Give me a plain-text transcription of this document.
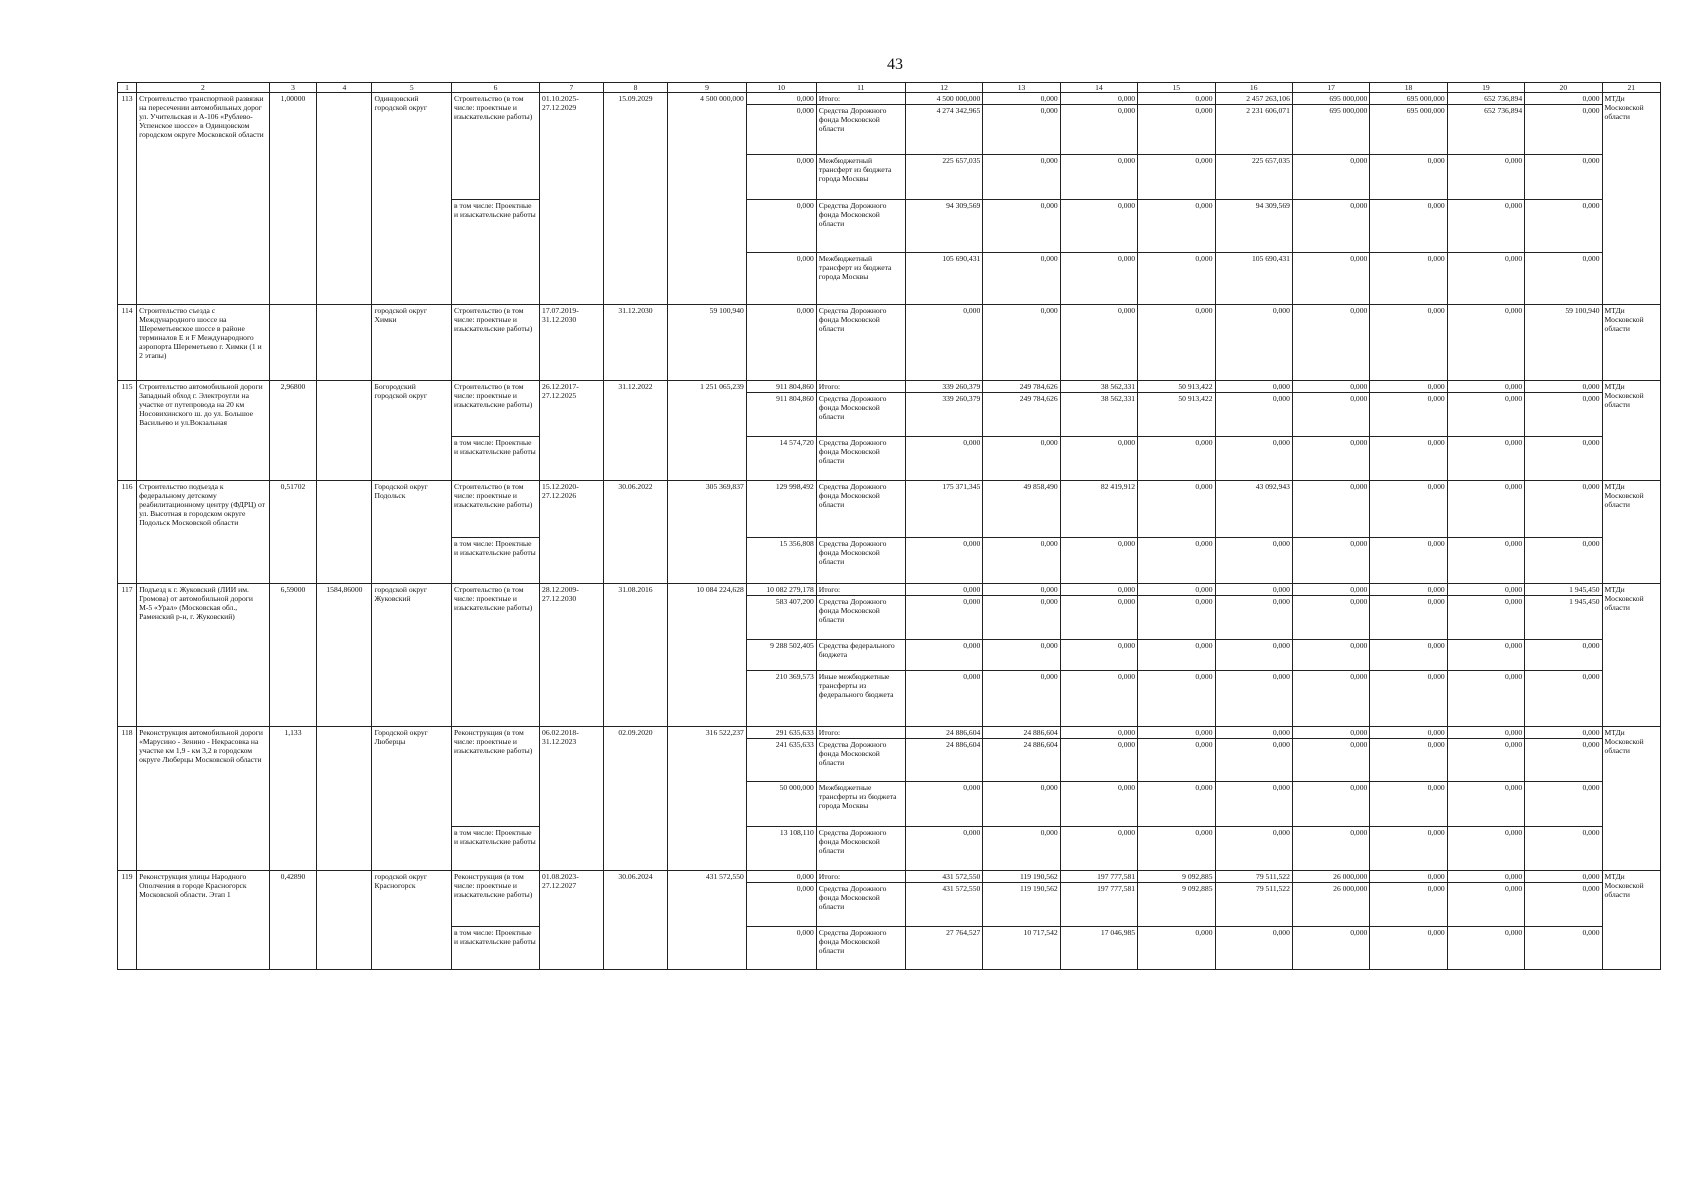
43
1	2	3	4	5	6	7	8	9	10	11	12	13	14	15	16	17	18	19	20	21
113	Строительство транспортной развязки на пересечении автомобильных дорог ул. Учительская и А-106 «Рублево-Успенское шоссе» в Одинцовском городском округе Московской области	1,00000		Одинцовский городской округ	Строительство (в том числе: проектные и изыскательские работы)	01.10.2025-27.12.2029	15.09.2029	4 500 000,000	0,000	Итого:	4 500 000,000	0,000	0,000	0,000	2 457 263,106	695 000,000	695 000,000	652 736,894	0,000	МТДи Московской области
									0,000	Средства Дорожного фонда Московской области	4 274 342,965	0,000	0,000	0,000	2 231 606,071	695 000,000	695 000,000	652 736,894	0,000	
									0,000	Межбюджетный трансферт из бюджета города Москвы	225 657,035	0,000	0,000	0,000	225 657,035	0,000	0,000	0,000	0,000	
					в том числе: Проектные и изыскательские работы				0,000	Средства Дорожного фонда Московской области	94 309,569	0,000	0,000	0,000	94 309,569	0,000	0,000	0,000	0,000	
									0,000	Межбюджетный трансферт из бюджета города Москвы	105 690,431	0,000	0,000	0,000	105 690,431	0,000	0,000	0,000	0,000	
114	Строительство съезда с Международного шоссе на Шереметьевское шоссе в районе терминалов E и F Международного аэропорта Шереметьево г. Химки (1 и 2 этапы)			городской округ Химки	Строительство (в том числе: проектные и изыскательские работы)	17.07.2019-31.12.2030	31.12.2030	59 100,940	0,000	Средства Дорожного фонда Московской области	0,000	0,000	0,000	0,000	0,000	0,000	0,000	0,000	59 100,940	МТДи Московской области
115	Строительство автомобильной дороги Западный обход г. Электроугли на участке от путепровода на 20 км Носовихинского ш. до ул. Большое Васильево и ул.Вокзальная	2,96800		Богородский городской округ	Строительство (в том числе: проектные и изыскательские работы)	26.12.2017-27.12.2025	31.12.2022	1 251 065,239	911 804,860	Итого:	339 260,379	249 784,626	38 562,331	50 913,422	0,000	0,000	0,000	0,000	0,000	МТДи Московской области
									911 804,860	Средства Дорожного фонда Московской области	339 260,379	249 784,626	38 562,331	50 913,422	0,000	0,000	0,000	0,000	0,000	
					в том числе: Проектные и изыскательские работы				14 574,720	Средства Дорожного фонда Московской области	0,000	0,000	0,000	0,000	0,000	0,000	0,000	0,000	0,000	
116	Строительство подъезда к федеральному детскому реабилитационному центру (ФДРЦ) от ул. Высотная в городском округе Подольск Московской области	0,51702		Городской округ Подольск	Строительство (в том числе: проектные и изыскательские работы)	15.12.2020-27.12.2026	30.06.2022	305 369,837	129 998,492	Средства Дорожного фонда Московской области	175 371,345	49 858,490	82 419,912	0,000	43 092,943	0,000	0,000	0,000	0,000	МТДи Московской области
					в том числе: Проектные и изыскательские работы				15 356,808	Средства Дорожного фонда Московской области	0,000	0,000	0,000	0,000	0,000	0,000	0,000	0,000	0,000	
117	Подъезд к г. Жуковский (ЛИИ им. Громова) от автомобильной дороги М-5 «Урал» (Московская обл., Раменский р-н, г. Жуковский)	6,59000	1584,86000	городской округ Жуковский	Строительство (в том числе: проектные и изыскательские работы)	28.12.2009-27.12.2030	31.08.2016	10 084 224,628	10 082 279,178	Итого:	0,000	0,000	0,000	0,000	0,000	0,000	0,000	0,000	1 945,450	МТДи Московской области
									583 407,200	Средства Дорожного фонда Московской области	0,000	0,000	0,000	0,000	0,000	0,000	0,000	0,000	1 945,450	
									9 288 502,405	Средства федерального бюджета	0,000	0,000	0,000	0,000	0,000	0,000	0,000	0,000	0,000	
									210 369,573	Иные межбюджетные трансферты из федерального бюджета	0,000	0,000	0,000	0,000	0,000	0,000	0,000	0,000	0,000	
118	Реконструкция автомобильной дороги «Марусино - Зенино - Некрасовка на участке км 1,9 - км 3,2 в городском округе Люберцы Московской области	1,133		Городской округ Люберцы	Реконструкция (в том числе: проектные и изыскательские работы)	06.02.2018-31.12.2023	02.09.2020	316 522,237	291 635,633	Итого:	24 886,604	24 886,604	0,000	0,000	0,000	0,000	0,000	0,000	0,000	МТДи Московской области
									241 635,633	Средства Дорожного фонда Московской области	24 886,604	24 886,604	0,000	0,000	0,000	0,000	0,000	0,000	0,000	
									50 000,000	Межбюджетные трансферты из бюджета города Москвы	0,000	0,000	0,000	0,000	0,000	0,000	0,000	0,000	0,000	
					в том числе: Проектные и изыскательские работы				13 108,110	Средства Дорожного фонда Московской области	0,000	0,000	0,000	0,000	0,000	0,000	0,000	0,000	0,000	
119	Реконструкция улицы Народного Ополчения в городе Красногорск Московской области. Этап 1	0,42890		городской округ Красногорск	Реконструкция (в том числе: проектные и изыскательские работы)	01.08.2023-27.12.2027	30.06.2024	431 572,550	0,000	Итого:	431 572,550	119 190,562	197 777,581	9 092,885	79 511,522	26 000,000	0,000	0,000	0,000	МТДи Московской области
									0,000	Средства Дорожного фонда Московской области	431 572,550	119 190,562	197 777,581	9 092,885	79 511,522	26 000,000	0,000	0,000	0,000	
					в том числе: Проектные и изыскательские работы				0,000	Средства Дорожного фонда Московской области	27 764,527	10 717,542	17 046,985	0,000	0,000	0,000	0,000	0,000	0,000	
